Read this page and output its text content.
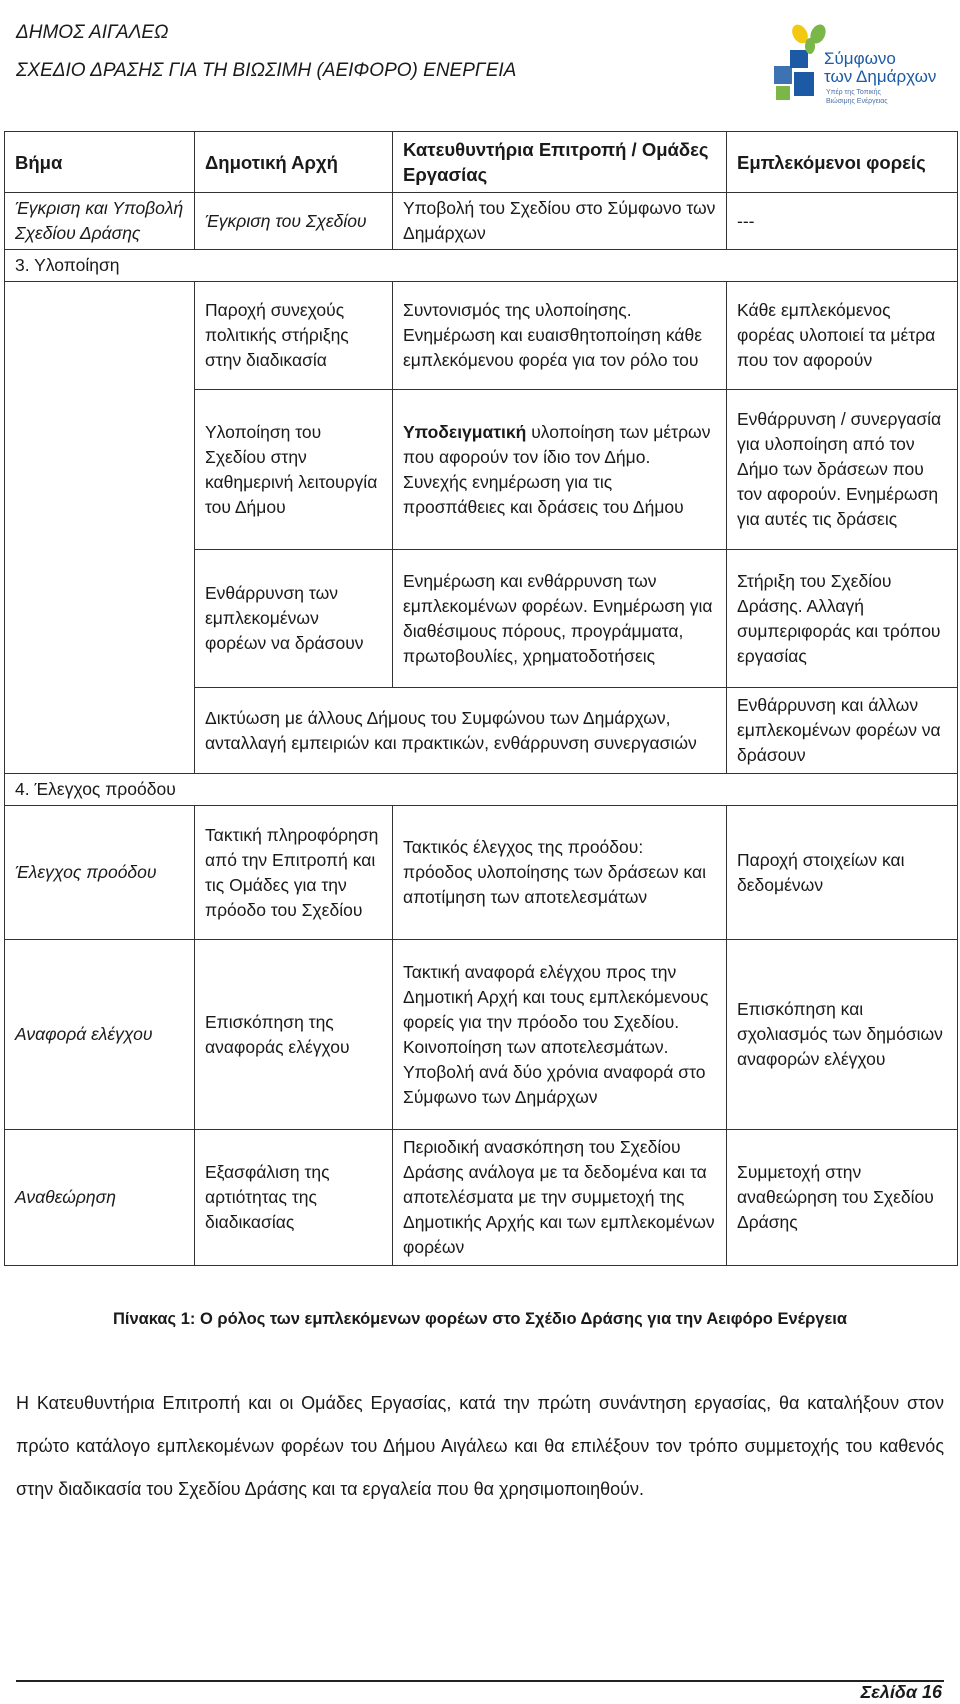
ΔΗΜΟΣ ΑΙΓΑΛΕΩ
ΣΧΕΔΙΟ ΔΡΑΣΗΣ ΓΙΑ ΤΗ ΒΙΩΣΙΜΗ (ΑΕΙΦΟΡΟ) ΕΝΕΡΓΕΙΑ
Σύμφωνο
των Δημάρχων
Υπέρ της Τοπικής
Βιώσιμης Ενέργειας
Βήμα	Δημοτική Αρχή	Κατευθυντήρια Επιτροπή / Ομάδες Εργασίας	Εμπλεκόμενοι φορείς
Έγκριση και Υποβολή Σχεδίου Δράσης	Έγκριση του Σχεδίου	Υποβολή του Σχεδίου στο Σύμφωνο των Δημάρχων	---
3. Υλοποίηση			
	Παροχή συνεχούς πολιτικής στήριξης στην διαδικασία	Συντονισμός της υλοποίησης. Ενημέρωση και ευαισθητοποίηση κάθε εμπλεκόμενου φορέα για τον ρόλο του	Κάθε εμπλεκόμενος φορέας υλοποιεί τα μέτρα που τον αφορούν
	Υλοποίηση του Σχεδίου στην καθημερινή λειτουργία του Δήμου	Υποδειγματική υλοποίηση των μέτρων που αφορούν τον ίδιο τον Δήμο. Συνεχής ενημέρωση για τις προσπάθειες και δράσεις του Δήμου	Ενθάρρυνση / συνεργασία για υλοποίηση από τον Δήμο των δράσεων που τον αφορούν. Ενημέρωση για αυτές τις δράσεις
	Ενθάρρυνση των εμπλεκομένων φορέων να δράσουν	Ενημέρωση και ενθάρρυνση των εμπλεκομένων φορέων. Ενημέρωση για διαθέσιμους πόρους, προγράμματα, πρωτοβουλίες, χρηματοδοτήσεις	Στήριξη του Σχεδίου Δράσης. Αλλαγή συμπεριφοράς και τρόπου εργασίας
	Δικτύωση με άλλους Δήμους του Συμφώνου των Δημάρχων, ανταλλαγή εμπειριών και πρακτικών, ενθάρρυνση συνεργασιών		Ενθάρρυνση και άλλων εμπλεκομένων φορέων να δράσουν
4. Έλεγχος προόδου			
Έλεγχος προόδου	Τακτική πληροφόρηση από την Επιτροπή και τις Ομάδες για την πρόοδο του Σχεδίου	Τακτικός έλεγχος της προόδου: πρόοδος υλοποίησης των δράσεων και αποτίμηση των αποτελεσμάτων	Παροχή στοιχείων και δεδομένων
Αναφορά ελέγχου	Επισκόπηση της αναφοράς ελέγχου	Τακτική αναφορά ελέγχου προς την Δημοτική Αρχή και τους εμπλεκόμενους φορείς για την πρόοδο του Σχεδίου. Κοινοποίηση των αποτελεσμάτων. Υποβολή ανά δύο χρόνια αναφορά στο Σύμφωνο των Δημάρχων	Επισκόπηση και σχολιασμός των δημόσιων αναφορών ελέγχου
Αναθεώρηση	Εξασφάλιση της αρτιότητας της διαδικασίας	Περιοδική ανασκόπηση του Σχεδίου Δράσης ανάλογα με τα δεδομένα και τα αποτελέσματα με την συμμετοχή της Δημοτικής Αρχής και των εμπλεκομένων φορέων	Συμμετοχή στην αναθεώρηση του Σχεδίου Δράσης
Πίνακας 1: Ο ρόλος των εμπλεκόμενων φορέων στο Σχέδιο Δράσης για την Αειφόρο Ενέργεια
Η Κατευθυντήρια Επιτροπή και οι Ομάδες Εργασίας, κατά την πρώτη συνάντηση εργασίας, θα καταλήξουν στον πρώτο κατάλογο εμπλεκομένων φορέων του Δήμου Αιγάλεω και θα επιλέξουν τον τρόπο συμμετοχής του καθενός στην διαδικασία του Σχεδίου Δράσης και τα εργαλεία που θα χρησιμοποιηθούν.
Σελίδα 16
